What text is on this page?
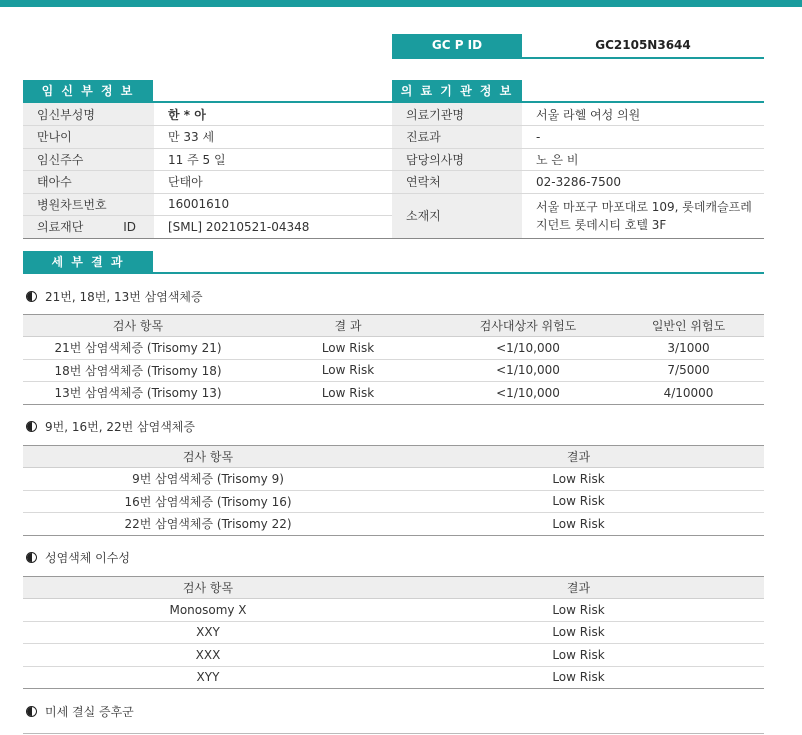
GC P ID	GC2105N3644
임 신 부 정 보
임신부성명	한 * 아
만나이	만 33 세
임신주수	11 주 5 일
태아수	단태아
병원차트번호	16001610
의료재단 ID	[SML] 20210521-04348
의 료 기 관 정 보
의료기관명	서울 라헬 여성 의원
진료과	-
담당의사명	노 은 비
연락처	02-3286-7500
소재지	서울 마포구 마포대로 109, 롯데캐슬프레지던트 롯데시티 호텔 3F
세 부 결 과
21번, 18번, 13번 삼염색체증
검사 항목	결 과	검사대상자 위험도	일반인 위험도
21번 삼염색체증 (Trisomy 21)	Low Risk	<1/10,000	3/1000
18번 삼염색체증 (Trisomy 18)	Low Risk	<1/10,000	7/5000
13번 삼염색체증 (Trisomy 13)	Low Risk	<1/10,000	4/10000
9번, 16번, 22번 삼염색체증
검사 항목	결과
9번 삼염색체증 (Trisomy 9)	Low Risk
16번 삼염색체증 (Trisomy 16)	Low Risk
22번 삼염색체증 (Trisomy 22)	Low Risk
성염색체 이수성
검사 항목	결과
Monosomy X	Low Risk
XXY	Low Risk
XXX	Low Risk
XYY	Low Risk
미세 결실 증후군
